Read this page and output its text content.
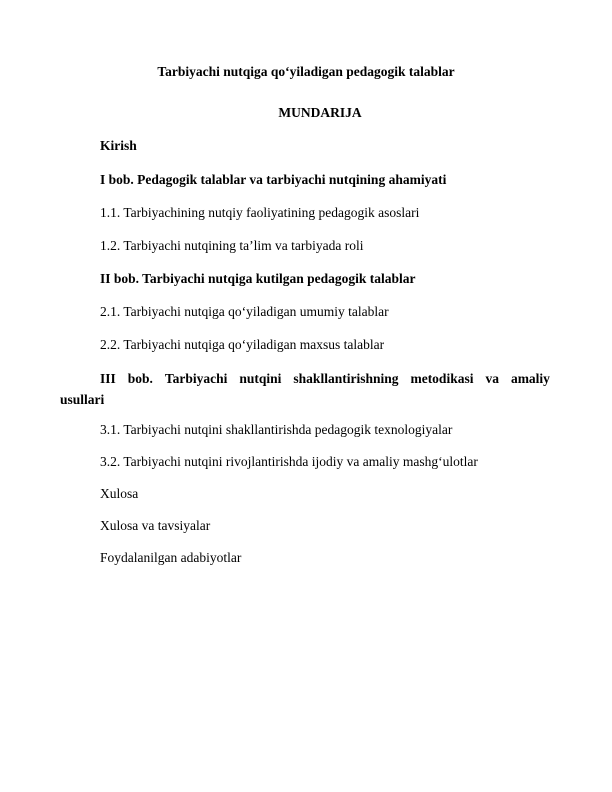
Tarbiyachi nutqiga qo‘yiladigan pedagogik talablar
MUNDARIJA
Kirish
I bob. Pedagogik talablar va tarbiyachi nutqining ahamiyati
1.1. Tarbiyachining nutqiy faoliyatining pedagogik asoslari
1.2. Tarbiyachi nutqining ta’lim va tarbiyada roli
II bob. Tarbiyachi nutqiga kutilgan pedagogik talablar
2.1. Tarbiyachi nutqiga qo‘yiladigan umumiy talablar
2.2. Tarbiyachi nutqiga qo‘yiladigan maxsus talablar
III bob. Tarbiyachi nutqini shakllantirishning metodikasi va amaliy
usullari
3.1. Tarbiyachi nutqini shakllantirishda pedagogik texnologiyalar
3.2. Tarbiyachi nutqini rivojlantirishda ijodiy va amaliy mashg‘ulotlar
Xulosa
Xulosa va tavsiyalar
Foydalanilgan adabiyotlar
